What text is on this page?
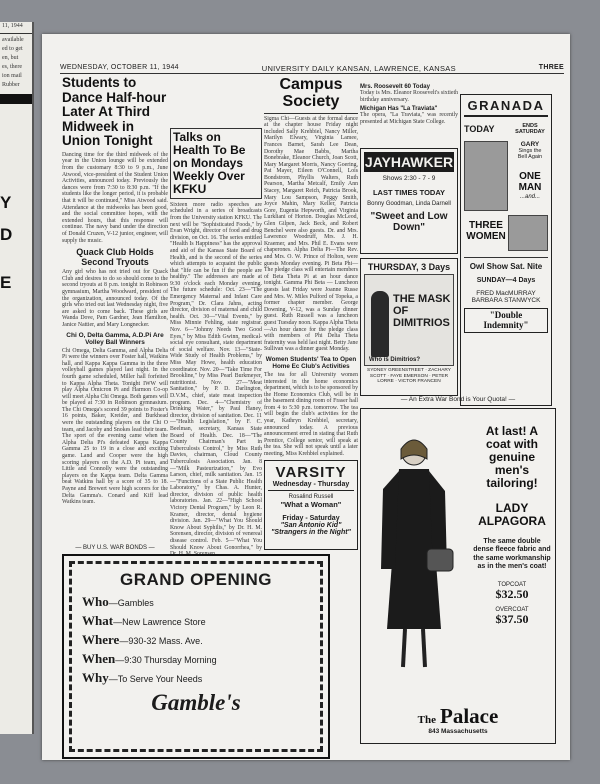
11, 1944
available
ed to get
en, but
es, there
ion mail
Rubber
Y
D
E
WEDNESDAY, OCTOBER 11, 1944	UNIVERSITY DAILY KANSAN, LAWRENCE, KANSAS	THREE
Students to Dance Half-hour Later At Third Midweek in Union Tonight
Dancing time for the third midweek of the year in the Union lounge will be extended from the customary 8:30 to 9 p.m., June Atwood, vice-president of the Student Union Activities, announced today. Previously the dances were from 7:30 to 8:30 p.m. "If the students like the longer period, it is probable that it will be continued," Miss Atwood said. Attendance at the midweeks has been good, and the social committee hopes, with the extended hours, that this response will continue. The navy band under the direction of Donald Cruzen, V-12 junior, engineer, will supply the music.
Quack Club Holds Second Tryouts
Any girl who has not tried out for Quack Club and desires to do so should come to the second tryouts at 8 p.m. tonight in Robinson gymnasium, Martha Woodward, president of the organization, announced today. Of the girls who tried out last Wednesday night, five are asked to come back. These girls are Wanda Dove, Pam Gardner, Jean Hamilton, Janice Nattier, and Mary Longnecker.
Chi O, Delta Gamma, A.D.Pi Are Volley Ball Winners
Chi Omega, Delta Gamma, and Alpha Delta Pi were the winners over Foster hall, Watkins hall, and Kappa Kappa Gamma in the three volleyball games played last night. In the fourth game scheduled, Miller hall forfeited to Kappa Alpha Theta. Tonight IWW will play Alpha Omicron Pi and Harmon Co-op will meet Alpha Chi Omega. Both games will be played at 7:30 in Robinson gymnasium. The Chi Omega's scored 39 points to Foster's 16 points, Baker, Kreider, and Burkhead were the outstanding players on the Chi O team, and Jacoby and Snokes lead their team. The sport of the evening came when the Alpha Delta Pi's defeated Kappa Kappa Gamma 25 to 19 in a close and exciting game. Land and Cooper were the high scoring players on the A.D. Pi team, and Little and Connolly were the outstanding players on the Kappa team. Delta Gamma beat Watkins hall by a score of 35 to 18. Payne and Brewert were high scorers for the Delta Gamma's. Conard and Kiff lead Watkins team.
— BUY U.S. WAR BONDS —
Talks on Health To Be on Mondays Weekly Over KFKU
Sixteen more radio speeches are scheduled in a series of broadcasts from the University station KFKU. The next will be "Sophisticated Foods," by Evan Wright, director of food and drug division, on Oct. 16. The series entitled "Health Is Happiness" has the approval and aid of the Kansas State Board of Health, and is the second of the series which attempts to acquaint the public that "life can be fun if the people are healthy." The addresses are made at 9:30 o'clock each Monday evening. The future schedule: Oct. 23—"The Emergency Maternal and Infant Care Program," Dr. Clara Jahns, acting director, division of maternal and child health. Oct. 30—"Vital Events," by Miss Minnie Fehling, state registrar. Nov. 6—"Johnny Needs Two Good Eyes," by Miss Edith Gwinn, medical-social eye consultant, state department of social welfare. Nov. 13—"State-Wide Study of Health Problems," by Miss May Howe, health education coordinator. Nov. 20—"Take Time For Brookline," by Miss Pearl Burkmeyer, nutritionist. Nov. 27—"Meat Sanitation," by P. D. Darlington, D.V.M., chief, state meat inspection program. Dec. 4—"Chemistry of Drinking Water," by Paul Haney, director, division of sanitation. Dec. 11—"Health Legislation," by F. C. Beelman, secretary, Kansas State Board of Health. Dec. 18—"The County Chairman's Part in Tuberculosis Control," by Miss Ruth Davies, chairman, Cloud County Tuberculosis Association. Jan. 8—"Milk Pasteurization," by Evo Larson, chief, milk sanitation. Jan. 15—"Functions of a State Public Health Laboratory," by Chas. A. Hunter, director, division of public health laboratories. Jan. 22—"High School Victory Dental Program," by Leon R. Kramer, director, dental hygiene division. Jan. 29—"What You Should Know About Syphilis," by Dr. H. M. Sorensen, director, division of venereal disease control. Feb. 5—"What You Should Know About Gonorrhea," by Dr. H. M. Sorensen.
Campus Society
Sigma Chi—Guests at the formal dance at the chapter house Friday night included Sally Krehbiel, Nancy Miller, Marilyn Elwary, Virginia Lamee, Frances Barnet, Sarah Lee Dean, Dorothy Mae Babbs, Martha Bonebrake, Eleanor Church, Joan Scott, Mary Margaret Morris, Nancy Goering, Pat Mayer, Eileen O'Connell, Lois Bondstrom, Phyllis Walters, Ruth Pearson, Martha Metcalf, Emily Ann Stacey, Margaret Reich, Patricia Brook, Mary Lou Sampson, Peggy Smith, Joyce Mahin, Mary Keller, Patricia Gore, Eugenia Hepworth, and Virginia Lurkliani of Horton. Douglas McLeod, Glen Gilpen, Jack Beck, and Robert Benchel were also guests. Dr. and Mrs. Lawrence Woodruff, Mrs. J. H. Kraemer, and Mrs. Phil E. Evans were chaperones. Alpha Delta Pi—The Rev. and Mrs. O. W. Prince of Holton, were guests Monday evening. Pi Beta Phi—The pledge class will entertain members of Beta Theta Pi at an hour dance tonight. Gamma Phi Beta — Luncheon guests last Friday were Joanne Russe and Mrs. W. Miles Pulford of Topeka, a former chapter member. George Downing, V-12, was a Sunday dinner guest. Ruth Russell was a luncheon guest Tuesday noon. Kappa Alpha Theta—An hour dance for the pledge class with members of Phi Delta Theta fraternity was held last night. Betty Jane Sullivan was a dinner guest Monday.
Women Students' Tea to Open Home Ec Club's Activities
The tea for all University women interested in the home economics department, which is to be sponsored by the Home Economics Club, will be in the basement dining room of Fraser hall from 4 to 5:30 p.m. tomorrow. The tea will begin the club's activities for the year, Kathryn Krehbiel, secretary, announced today. A previous announcement erred in stating that Ruth Prentice, College senior, will speak at the tea. She will not speak until a later meeting, Miss Krehbiel explained.
VARSITY
Wednesday - Thursday
Rosalind Russell
"What a Woman"
Friday - Saturday
"San Antonio Kid"
"Strangers in the Night"
Mrs. Roosevelt 60 Today
Today is Mrs. Eleanor Roosevelt's sixtieth birthday anniversary.
Michigan Has "La Traviata"
The opera, "La Traviata," was recently presented at Michigan State College.
JAYHAWKER
Shows 2:30 - 7 - 9
LAST TIMES TODAY
Bonny Goodman, Linda Darnell
"Sweet and Low Down"
THURSDAY, 3 Days
THE MASK OF DIMITRIOS
Who is Dimitrios?
SYDNEY GREENSTREET · ZACHARY SCOTT · FAYE EMERSON · PETER LORRE · VICTOR FRANCEN
GRANADA
TODAY	ENDS SATURDAY
GARY
Sings the
Bell Again
ONE MAN
...and...
THREE WOMEN
Owl Show Sat. Nite
SUNDAY—4 Days
FRED MacMURRAY
BARBARA STANWYCK
"Double Indemnity"
— An Extra War Bond is Your Quota! —
At last! A coat with genuine men's tailoring!
LADY ALPAGORA
The same double dense fleece fabric and the same workmanship as in the men's coat!
TOPCOAT
$32.50
OVERCOAT
$37.50
The Palace
843 Massachusetts
GRAND OPENING
Who—Gambles
What—New Lawrence Store
Where—930-32 Mass. Ave.
When—9:30 Thursday Morning
Why—To Serve Your Needs
Gamble's
